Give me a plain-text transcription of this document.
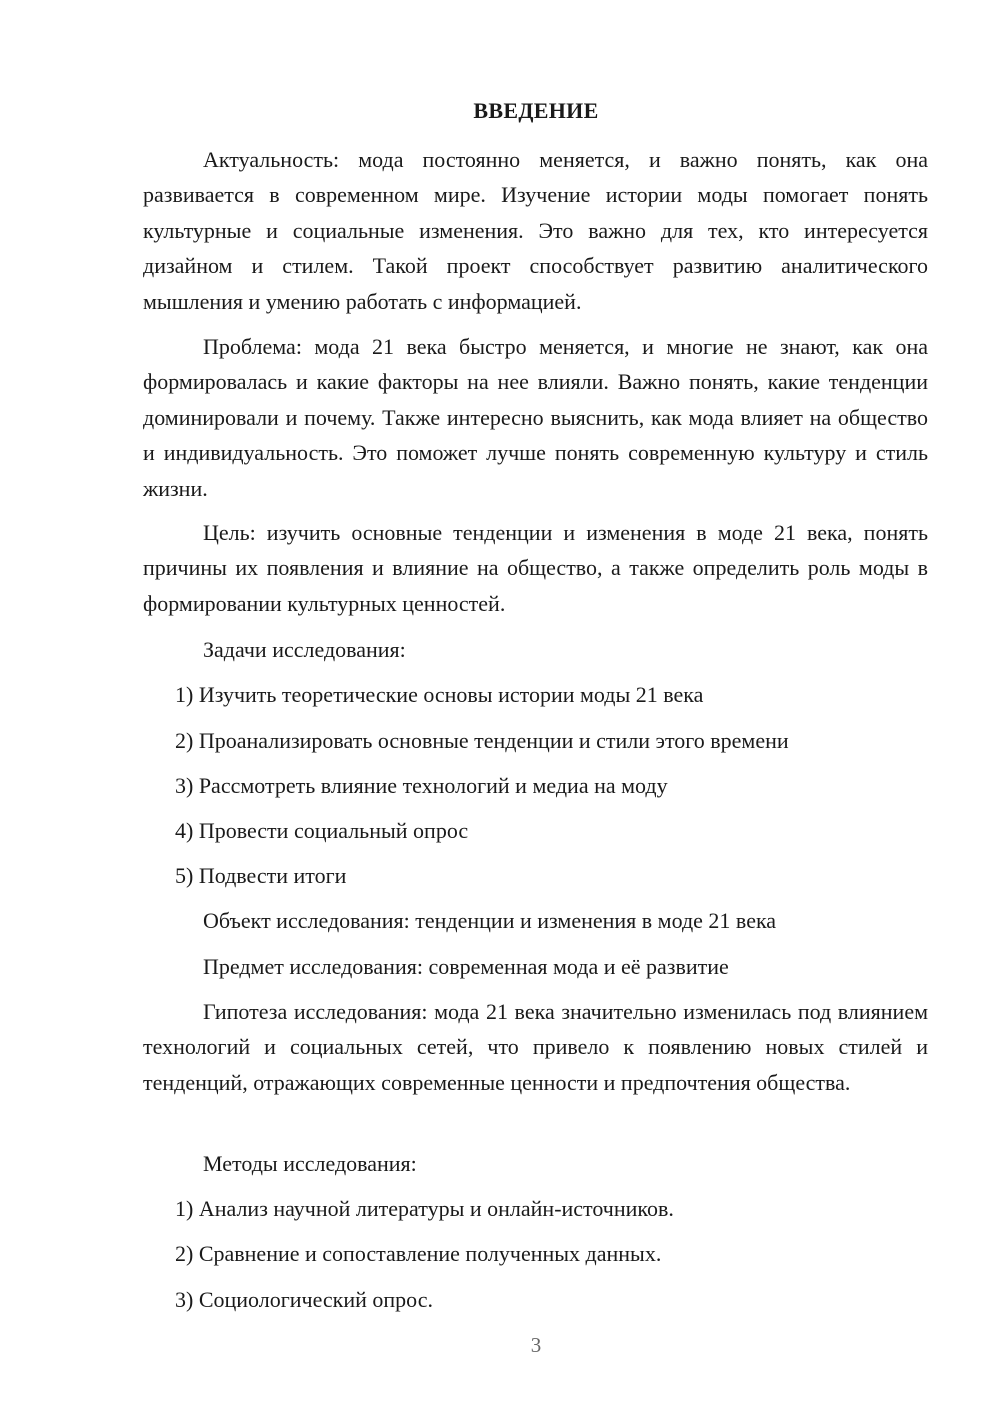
ВВЕДЕНИЕ

Актуальность: мода постоянно меняется, и важно понять, как она развивается в современном мире. Изучение истории моды помогает понять культурные и социальные изменения. Это важно для тех, кто интересуется дизайном и стилем. Такой проект способствует развитию аналитического мышления и умению работать с информацией.

Проблема: мода 21 века быстро меняется, и многие не знают, как она формировалась и какие факторы на нее влияли. Важно понять, какие тенденции доминировали и почему. Также интересно выяснить, как мода влияет на общество и индивидуальность. Это поможет лучше понять современную культуру и стиль жизни.

Цель: изучить основные тенденции и изменения в моде 21 века, понять причины их появления и влияние на общество, а также определить роль моды в формировании культурных ценностей.

Задачи исследования:

1) Изучить теоретические основы истории моды 21 века

2) Проанализировать основные тенденции и стили этого времени

3) Рассмотреть влияние технологий и медиа на моду

4) Провести социальный опрос

5) Подвести итоги

Объект исследования: тенденции и изменения в моде 21 века

Предмет исследования: современная мода и её развитие

Гипотеза исследования: мода 21 века значительно изменилась под влиянием технологий и социальных сетей, что привело к появлению новых стилей и тенденций, отражающих современные ценности и предпочтения общества.

Методы исследования:

1) Анализ научной литературы и онлайн-источников.

2) Сравнение и сопоставление полученных данных.

3) Социологический опрос.

3
